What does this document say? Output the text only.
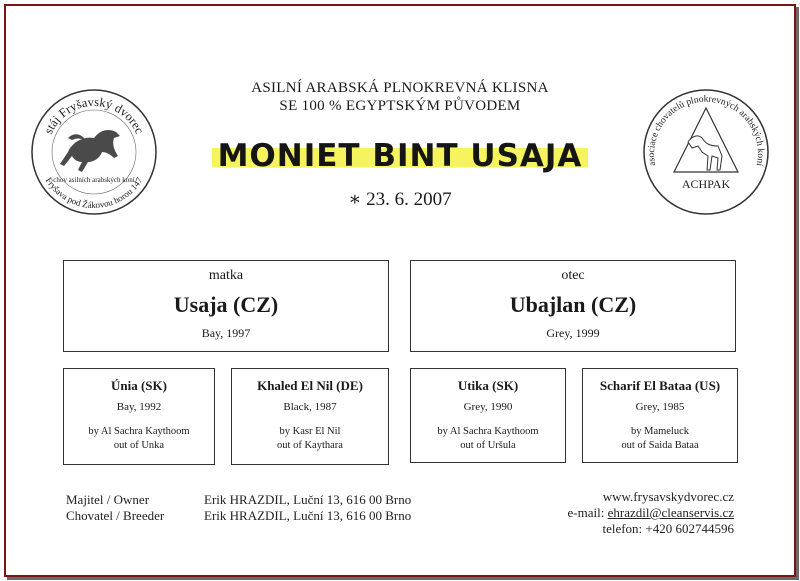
stáj Fryšavský dvorec
Fryšava pod Žákovou horou 147
chov asilních arabských koní
asociace chovatelů plnokrevných arabských koní
ACHPAK
ASILNÍ ARABSKÁ PLNOKREVNÁ KLISNA
SE 100 % EGYPTSKÝM PŮVODEM
MONIET BINT USAJA
∗ 23. 6. 2007
matka
Usaja (CZ)
Bay, 1997
otec
Ubajlan (CZ)
Grey, 1999
Únia (SK)
Bay, 1992
by Al Sachra Kaythoom
out of Unka
Khaled El Nil (DE)
Black, 1987
by Kasr El Nil
out of Kaythara
Utika (SK)
Grey, 1990
by Al Sachra Kaythoom
out of Uršula
Scharif El Bataa (US)
Grey, 1985
by Mameluck
out of Saida Bataa
Majitel / Owner
Chovatel / Breeder
Erik HRAZDIL, Luční 13, 616 00 Brno
Erik HRAZDIL, Luční 13, 616 00 Brno
www.frysavskydvorec.cz
e-mail: ehrazdil@cleanservis.cz
telefon: +420 602744596
